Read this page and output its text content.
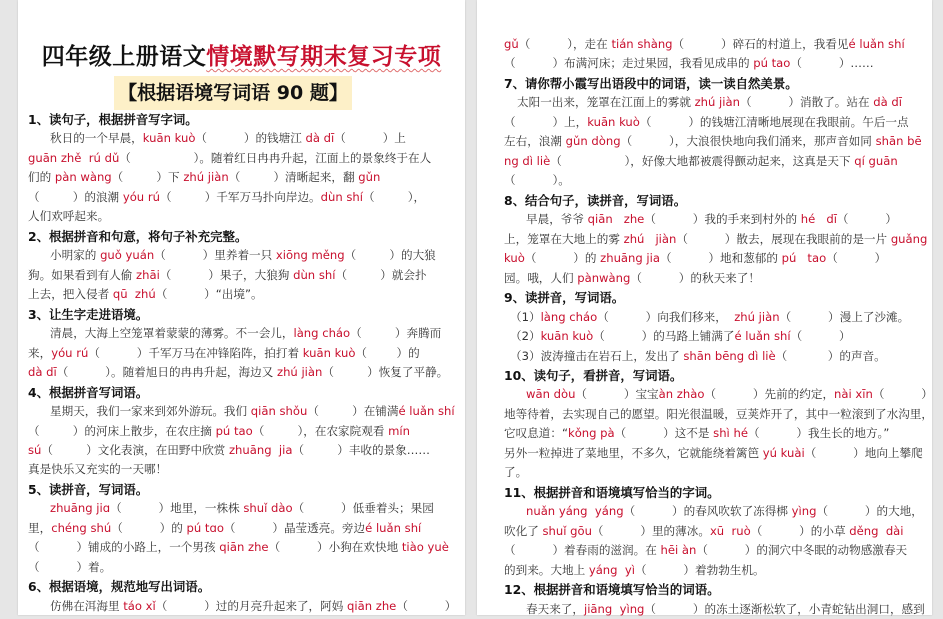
四年级上册语文情境默写期末复习专项
【根据语境写词语 90 题】
1、读句子，根据拼音写字词。
秋日的一个早晨，kuān kuò（          ）的钱塘江 dà dī（          ）上
guān zhě  rú dǔ（                 ）。随着红日冉冉升起，江面上的景象终于在人
们的 pàn wàng（         ）下 zhú jiàn（         ）清晰起来，翻 gǔn
（         ）的浪潮 yóu rú（         ）千军万马扑向岸边。dùn shí（         ），
人们欢呼起来。
2、根据拼音和句意，将句子补充完整。
小明家的 guǒ yuán（          ）里养着一只 xiōng měng（         ）的大狼
狗。如果看到有人偷 zhāi（          ）果子，大狼狗 dùn shí（         ）就会扑
上去，把入侵者 qū  zhú（          ）“出境”。
3、让生字走进语境。
清晨，大海上空笼罩着蒙蒙的薄雾。不一会儿，làng cháo（         ）奔腾而
来，yóu rú（          ）千军万马在冲锋陷阵，拍打着 kuān kuò（        ）的
dà dī（          ）。随着旭日的冉冉升起，海边又 zhú jiàn（         ）恢复了平静。
4、根据拼音写词语。
星期天，我们一家来到郊外游玩。我们 qiān shǒu（         ）在铺满é luǎn shí
（         ）的河床上散步，在农庄摘 pú tao（         ），在农家院观看 mín
sú（         ）文化表演，在田野中欣赏 zhuāng  jia（         ）丰收的景象……
真是快乐又充实的一天哪！
5、读拼音，写词语。
zhuāng jiɑ（          ）地里，一株株 shuǐ dào（          ）低垂着头；果园
里，chéng shú（          ）的 pú tɑo（          ）晶莹透亮。旁边é luǎn shí
（          ）铺成的小路上，一个男孩 qiān zhe（          ）小狗在欢快地 tiào yuè
（          ）着。
6、根据语境，规范地写出词语。
仿佛在洱海里 táo xǐ（          ）过的月亮升起来了，阿妈 qiān zhe（          ）
gǔ（          ），走在 tián shàng（          ）碎石的村道上，我看见é luǎn shí
（          ）布满河床；走过果园，我看见成串的 pú tao（          ）……
7、请你帮小霞写出语段中的词语，读一读自然美景。
太阳一出来，笼罩在江面上的雾就 zhú jiàn（          ）消散了。站在 dà dī
（          ）上，kuān kuò（          ）的钱塘江清晰地展现在我眼前。午后一点
左右，浪潮 gǔn dòng（          ），大浪很快地向我们涌来，那声音如同 shān bē
ng dì liè（                 ），好像大地都被震得颤动起来，这真是天下 qí guān
（          ）。
8、结合句子，读拼音，写词语。
早晨，爷爷 qiān   zhe（          ）我的手来到村外的 hé   dī（          ）
上，笼罩在大地上的雾 zhú   jiàn（          ）散去，展现在我眼前的是一片 guǎng
kuò（          ）的 zhuāng jia（          ）地和葱郁的 pú   tao（          ）
园。哦，人们 pànwàng（          ）的秋天来了！
9、读拼音，写词语。
（1）làng cháo（          ）向我们移来，  zhú jiàn（          ）漫上了沙滩。
（2）kuān kuò（          ）的马路上铺满了é luǎn shí（          ）
（3）波涛撞击在岩石上，发出了 shān bēng dì liè（           ）的声音。
10、读句子，看拼音，写词语。
wān dòu（          ）宝宝àn zhào（          ）先前的约定，nài xīn（          ）
地等待着，去实现自己的愿望。阳光很温暖，豆荚炸开了，其中一粒滚到了水沟里，
它叹息道：“kǒng pà（          ）这不是 shì hé（          ）我生长的地方。”
另外一粒掉进了菜地里，不多久，它就能绕着篱笆 yú kuài（          ）地向上攀爬
了。
11、根据拼音和语境填写恰当的字词。
nuǎn yáng  yáng（          ）的春风吹软了冻得梆 yìng（          ）的大地，
吹化了 shuǐ gōu（          ）里的薄冰。xū  ruò（          ）的小草 děng  dài
（          ）着春雨的滋润。在 hēi àn（          ）的洞穴中冬眠的动物感激春天
的到来。大地上 yáng  yì（          ）着勃勃生机。
12、根据拼音和语境填写恰当的词语。
春天来了，jiāng  yìng（          ）的冻土逐渐松软了，小青蛇钻出洞口，感到
